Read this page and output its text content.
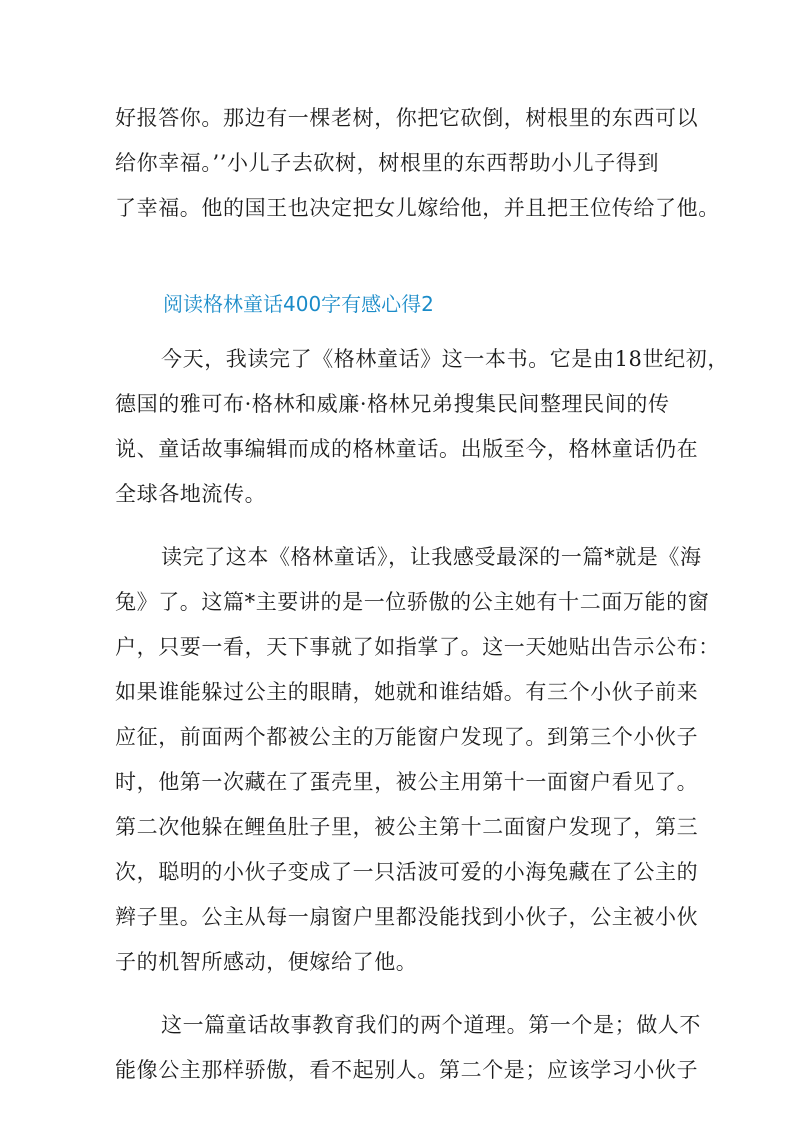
好报答你。那边有一棵老树，你把它砍倒，树根里的东西可以
给你幸福。’’小儿子去砍树，树根里的东西帮助小儿子得到
了幸福。他的国王也决定把女儿嫁给他，并且把王位传给了他。
阅读格林童话400字有感心得2
今天，我读完了《格林童话》这一本书。它是由18世纪初，
德国的雅可布·格林和威廉·格林兄弟搜集民间整理民间的传
说、童话故事编辑而成的格林童话。出版至今，格林童话仍在
全球各地流传。
读完了这本《格林童话》，让我感受最深的一篇*就是《海
兔》了。这篇*主要讲的是一位骄傲的公主她有十二面万能的窗
户，只要一看，天下事就了如指掌了。这一天她贴出告示公布：
如果谁能躲过公主的眼睛，她就和谁结婚。有三个小伙子前来
应征，前面两个都被公主的万能窗户发现了。到第三个小伙子
时，他第一次藏在了蛋壳里，被公主用第十一面窗户看见了。
第二次他躲在鲤鱼肚子里，被公主第十二面窗户发现了，第三
次，聪明的小伙子变成了一只活波可爱的小海兔藏在了公主的
辫子里。公主从每一扇窗户里都没能找到小伙子，公主被小伙
子的机智所感动，便嫁给了他。
这一篇童话故事教育我们的两个道理。第一个是；做人不
能像公主那样骄傲，看不起别人。第二个是；应该学习小伙子
